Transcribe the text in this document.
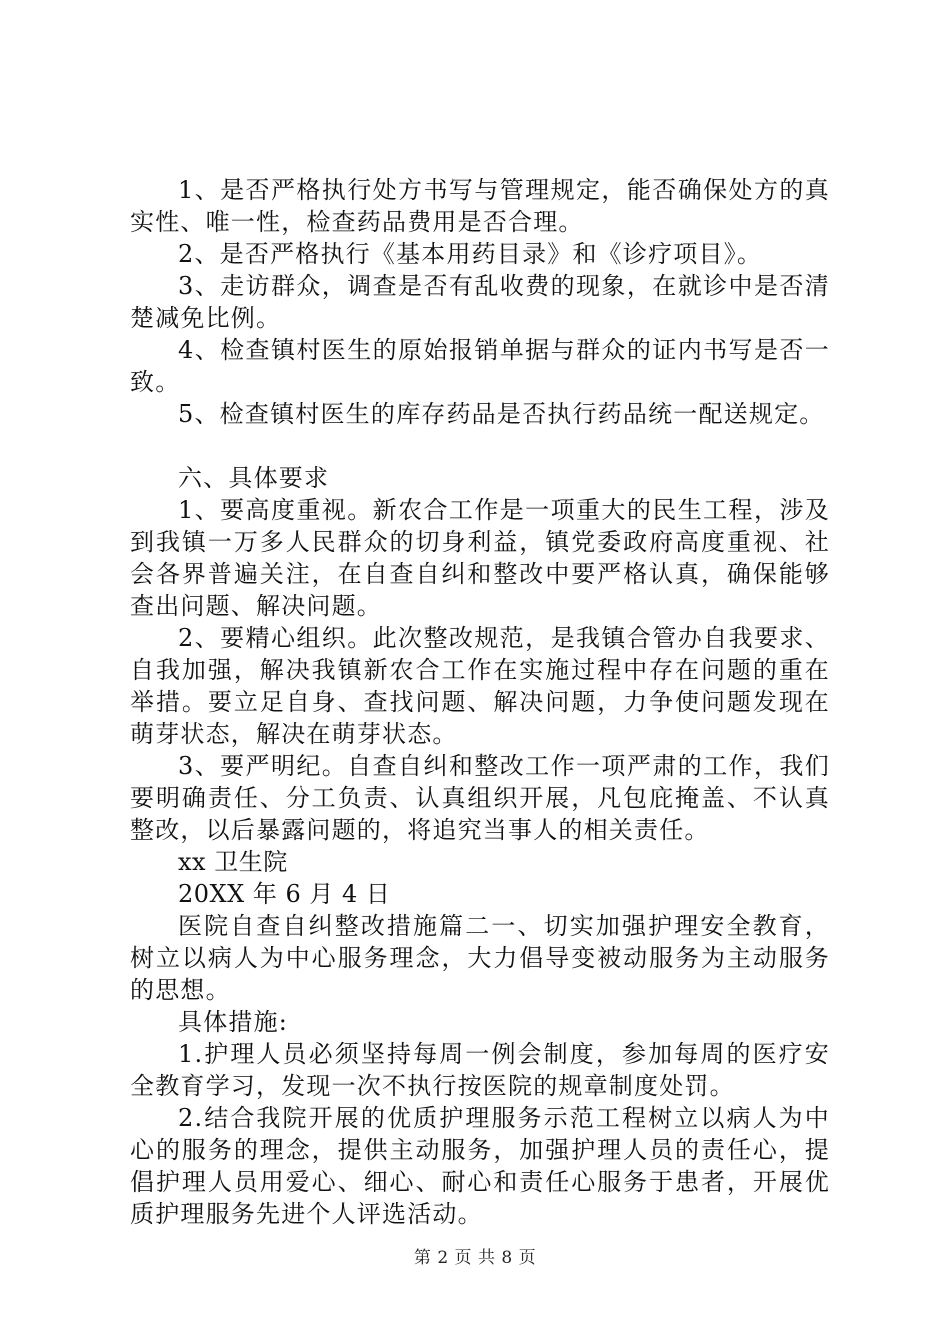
1、是否严格执行处方书写与管理规定，能否确保处方的真实性、唯一性，检查药品费用是否合理。

2、是否严格执行《基本用药目录》和《诊疗项目》。

3、走访群众，调查是否有乱收费的现象，在就诊中是否清楚减免比例。

4、检查镇村医生的原始报销单据与群众的证内书写是否一致。

5、检查镇村医生的库存药品是否执行药品统一配送规定。

六、具体要求

1、要高度重视。新农合工作是一项重大的民生工程，涉及到我镇一万多人民群众的切身利益，镇党委政府高度重视、社会各界普遍关注，在自查自纠和整改中要严格认真，确保能够查出问题、解决问题。

2、要精心组织。此次整改规范，是我镇合管办自我要求、自我加强，解决我镇新农合工作在实施过程中存在问题的重在举措。要立足自身、查找问题、解决问题，力争使问题发现在萌芽状态，解决在萌芽状态。

3、要严明纪。自查自纠和整改工作一项严肃的工作，我们要明确责任、分工负责、认真组织开展，凡包庇掩盖、不认真整改，以后暴露问题的，将追究当事人的相关责任。

xx 卫生院

20XX 年 6 月 4 日

医院自查自纠整改措施篇二一、切实加强护理安全教育，树立以病人为中心服务理念，大力倡导变被动服务为主动服务的思想。

具体措施:

1.护理人员必须坚持每周一例会制度，参加每周的医疗安全教育学习，发现一次不执行按医院的规章制度处罚。

2.结合我院开展的优质护理服务示范工程树立以病人为中心的服务的理念，提供主动服务，加强护理人员的责任心，提倡护理人员用爱心、细心、耐心和责任心服务于患者，开展优质护理服务先进个人评选活动。

第 2 页 共 8 页
